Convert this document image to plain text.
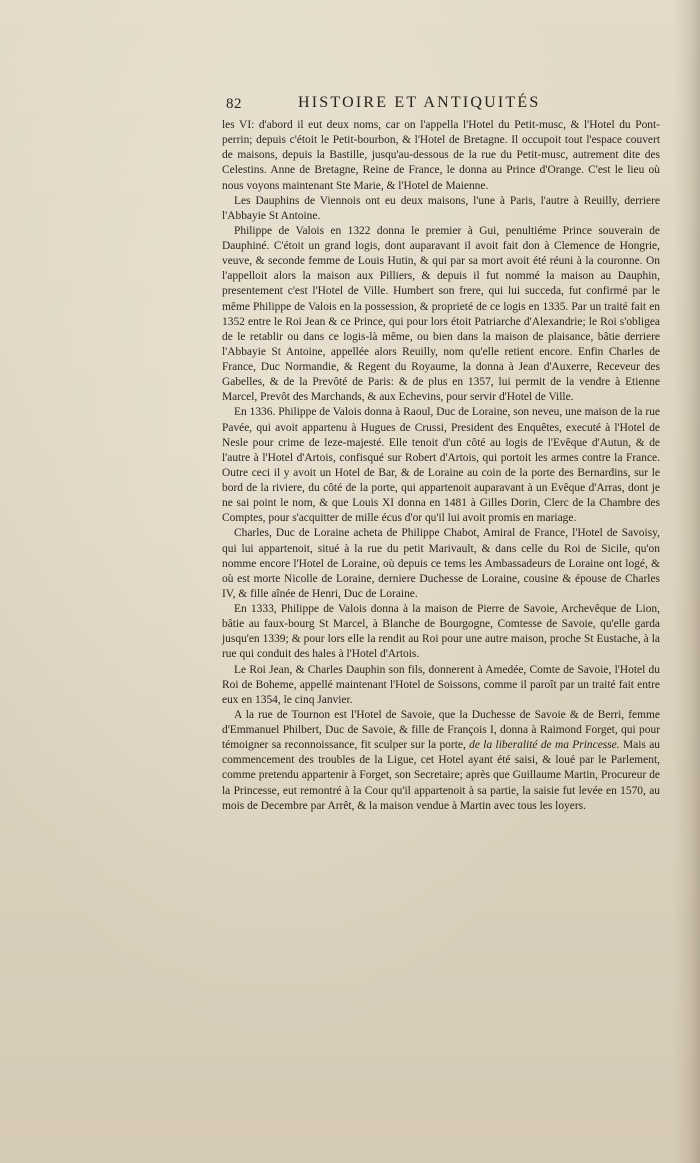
82	HISTOIRE ET ANTIQUITÉS

les VI: d'abord il eut deux noms, car on l'appella l'Hotel du Petit-musc, & l'Hotel du Pont-perrin; depuis c'étoit le Petit-bourbon, & l'Hotel de Bretagne. Il occupoit tout l'espace couvert de maisons, depuis la Bastille, jusqu'au-dessous de la rue du Petit-musc, autrement dite des Celestins. Anne de Bretagne, Reine de France, le donna au Prince d'Orange. C'est le lieu où nous voyons maintenant Ste Marie, & l'Hotel de Maienne.

Les Dauphins de Viennois ont eu deux maisons, l'une à Paris, l'autre à Reuilly, derriere l'Abbayie St Antoine.

Philippe de Valois en 1322 donna le premier à Gui, penultiéme Prince souverain de Dauphiné. C'étoit un grand logis, dont auparavant il avoit fait don à Clemence de Hongrie, veuve, & seconde femme de Louis Hutin, & qui par sa mort avoit été réuni à la couronne. On l'appelloit alors la maison aux Pilliers, & depuis il fut nommé la maison au Dauphin, presentement c'est l'Hotel de Ville. Humbert son frere, qui lui succeda, fut confirmé par le même Philippe de Valois en la possession, & proprieté de ce logis en 1335. Par un traité fait en 1352 entre le Roi Jean & ce Prince, qui pour lors étoit Patriarche d'Alexandrie; le Roi s'obligea de le retablir ou dans ce logis-là même, ou bien dans la maison de plaisance, bâtie derriere l'Abbayie St Antoine, appellée alors Reuilly, nom qu'elle retient encore. Enfin Charles de France, Duc Normandie, & Regent du Royaume, la donna à Jean d'Auxerre, Receveur des Gabelles, & de la Prevôté de Paris: & de plus en 1357, lui permit de la vendre à Etienne Marcel, Prevôt des Marchands, & aux Echevins, pour servir d'Hotel de Ville.

En 1336. Philippe de Valois donna à Raoul, Duc de Loraine, son neveu, une maison de la rue Pavée, qui avoit appartenu à Hugues de Crussi, President des Enquêtes, executé à l'Hotel de Nesle pour crime de leze-majesté. Elle tenoit d'un côté au logis de l'Evêque d'Autun, & de l'autre à l'Hotel d'Artois, confisqué sur Robert d'Artois, qui portoit les armes contre la France. Outre ceci il y avoit un Hotel de Bar, & de Loraine au coin de la porte des Bernardins, sur le bord de la riviere, du côté de la porte, qui appartenoit auparavant à un Evêque d'Arras, dont je ne sai point le nom, & que Louis XI donna en 1481 à Gilles Dorin, Clerc de la Chambre des Comptes, pour s'acquitter de mille écus d'or qu'il lui avoit promis en mariage.

Charles, Duc de Loraine acheta de Philippe Chabot, Amiral de France, l'Hotel de Savoisy, qui lui appartenoit, situé à la rue du petit Marivault, & dans celle du Roi de Sicile, qu'on nomme encore l'Hotel de Loraine, où depuis ce tems les Ambassadeurs de Loraine ont logé, & où est morte Nicolle de Loraine, derniere Duchesse de Loraine, cousine & épouse de Charles IV, & fille aînée de Henri, Duc de Loraine.

En 1333, Philippe de Valois donna à la maison de Pierre de Savoie, Archevêque de Lion, bâtie au faux-bourg St Marcel, à Blanche de Bourgogne, Comtesse de Savoie, qu'elle garda jusqu'en 1339; & pour lors elle la rendit au Roi pour une autre maison, proche St Eustache, à la rue qui conduit des hales à l'Hotel d'Artois.

Le Roi Jean, & Charles Dauphin son fils, donnerent à Amedée, Comte de Savoie, l'Hotel du Roi de Boheme, appellé maintenant l'Hotel de Soissons, comme il paroît par un traité fait entre eux en 1354, le cinq Janvier.

A la rue de Tournon est l'Hotel de Savoie, que la Duchesse de Savoie & de Berri, femme d'Emmanuel Philbert, Duc de Savoie, & fille de François I, donna à Raimond Forget, qui pour témoigner sa reconnoissance, fit sculper sur la porte, de la liberalité de ma Princesse. Mais au commencement des troubles de la Ligue, cet Hotel ayant été saisi, & loué par le Parlement, comme pretendu appartenir à Forget, son Secretaire; après que Guillaume Martin, Procureur de la Princesse, eut remontré à la Cour qu'il appartenoit à sa partie, la saisie fut levée en 1570, au mois de Decembre par Arrêt, & la maison vendue à Martin avec tous les loyers.
